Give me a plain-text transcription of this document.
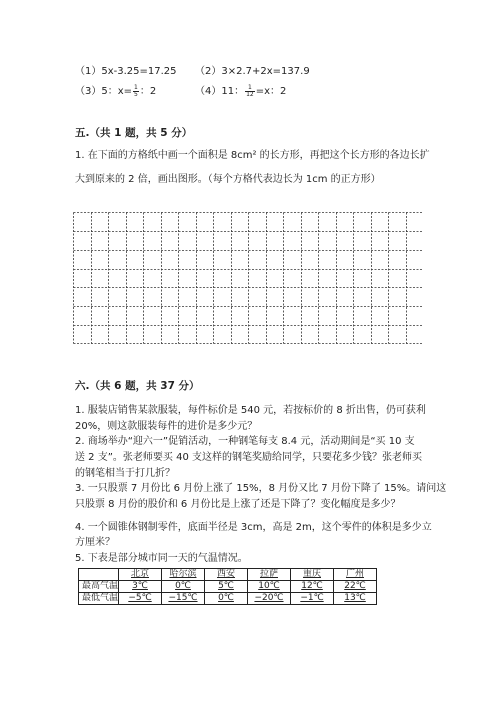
（1）5x-3.25=17.25 （2）3×2.7+2x=137.9
（3）5：$x= \frac{1}{5}$ ：2	（4）11： $\frac{1}{12} =x$：2
五.（共 1 题，共 5 分）
1. 在下面的方格纸中画一个面积是 8cm² 的长方形，再把这个长方形的各边长扩
大到原来的 2 倍，画出图形。（每个方格代表边长为 1cm 的正方形）
六.（共 6 题，共 37 分）
1. 服装店销售某款服装，每件标价是 540 元，若按标价的 8 折出售，仍可获利
20%，则这款服装每件的进价是多少元？
2. 商场举办“迎六一”促销活动，一种钢笔每支 8.4 元，活动期间是“买 10 支
送 2 支”。张老师要买 40 支这样的钢笔奖励给同学，只要花多少钱？张老师买
的钢笔相当于打几折？
3. 一只股票 7 月份比 6 月份上涨了 15%，8 月份又比 7 月份下降了 15%。请问这
只股票 8 月份的股价和 6 月份比是上涨了还是下降了？变化幅度是多少？
4. 一个圆锥体钢制零件，底面半径是 3cm，高是 2m，这个零件的体积是多少立
方厘米？
5. 下表是部分城市同一天的气温情况。
	北京	哈尔滨	西安	拉萨	重庆	广州
最高气温	3℃	0℃	5℃	10℃	12℃	22℃
最低气温	−5℃	−15℃	0℃	−20℃	−1℃	13℃
